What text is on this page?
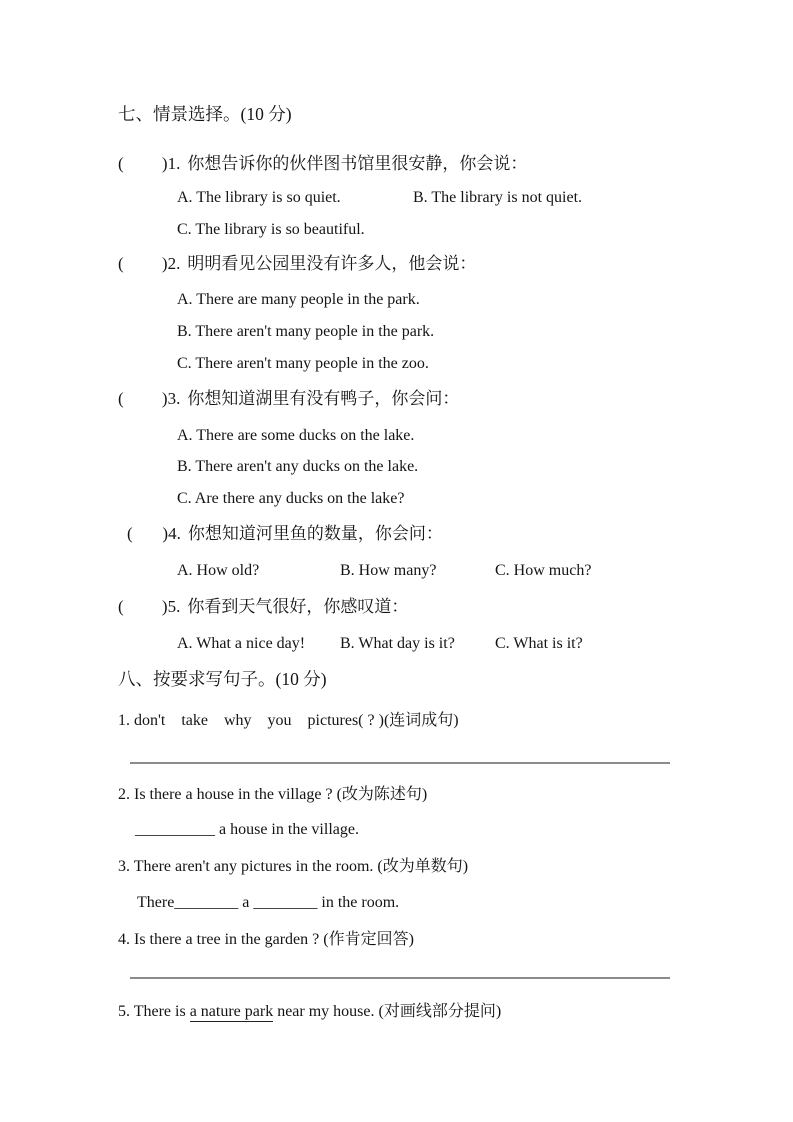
七、情景选择。(10 分)
(         )1. 你想告诉你的伙伴图书馆里很安静，你会说：
A. The library is so quiet.	B. The library is not quiet.
C. The library is so beautiful.
(         )2. 明明看见公园里没有许多人，他会说：
A. There are many people in the park.
B. There aren't many people in the park.
C. There aren't many people in the zoo.
(         )3. 你想知道湖里有没有鸭子，你会问：
A. There are some ducks on the lake.
B. There aren't any ducks on the lake.
C. Are there any ducks on the lake?
(       )4. 你想知道河里鱼的数量，你会问：
A. How old?	B. How many?	C. How much?
(         )5. 你看到天气很好，你感叹道：
A. What a nice day! B. What day is it?	C. What is it?
八、按要求写句子。(10 分)
1. don't    take    why    you    pictures( ? )(连词成句)
2. Is there a house in the village ? (改为陈述句)
__________ a house in the village.
3. There aren't any pictures in the room. (改为单数句)
There________ a ________ in the room.
4. Is there a tree in the garden ? (作肯定回答)
5. There is a nature park near my house. (对画线部分提问)
